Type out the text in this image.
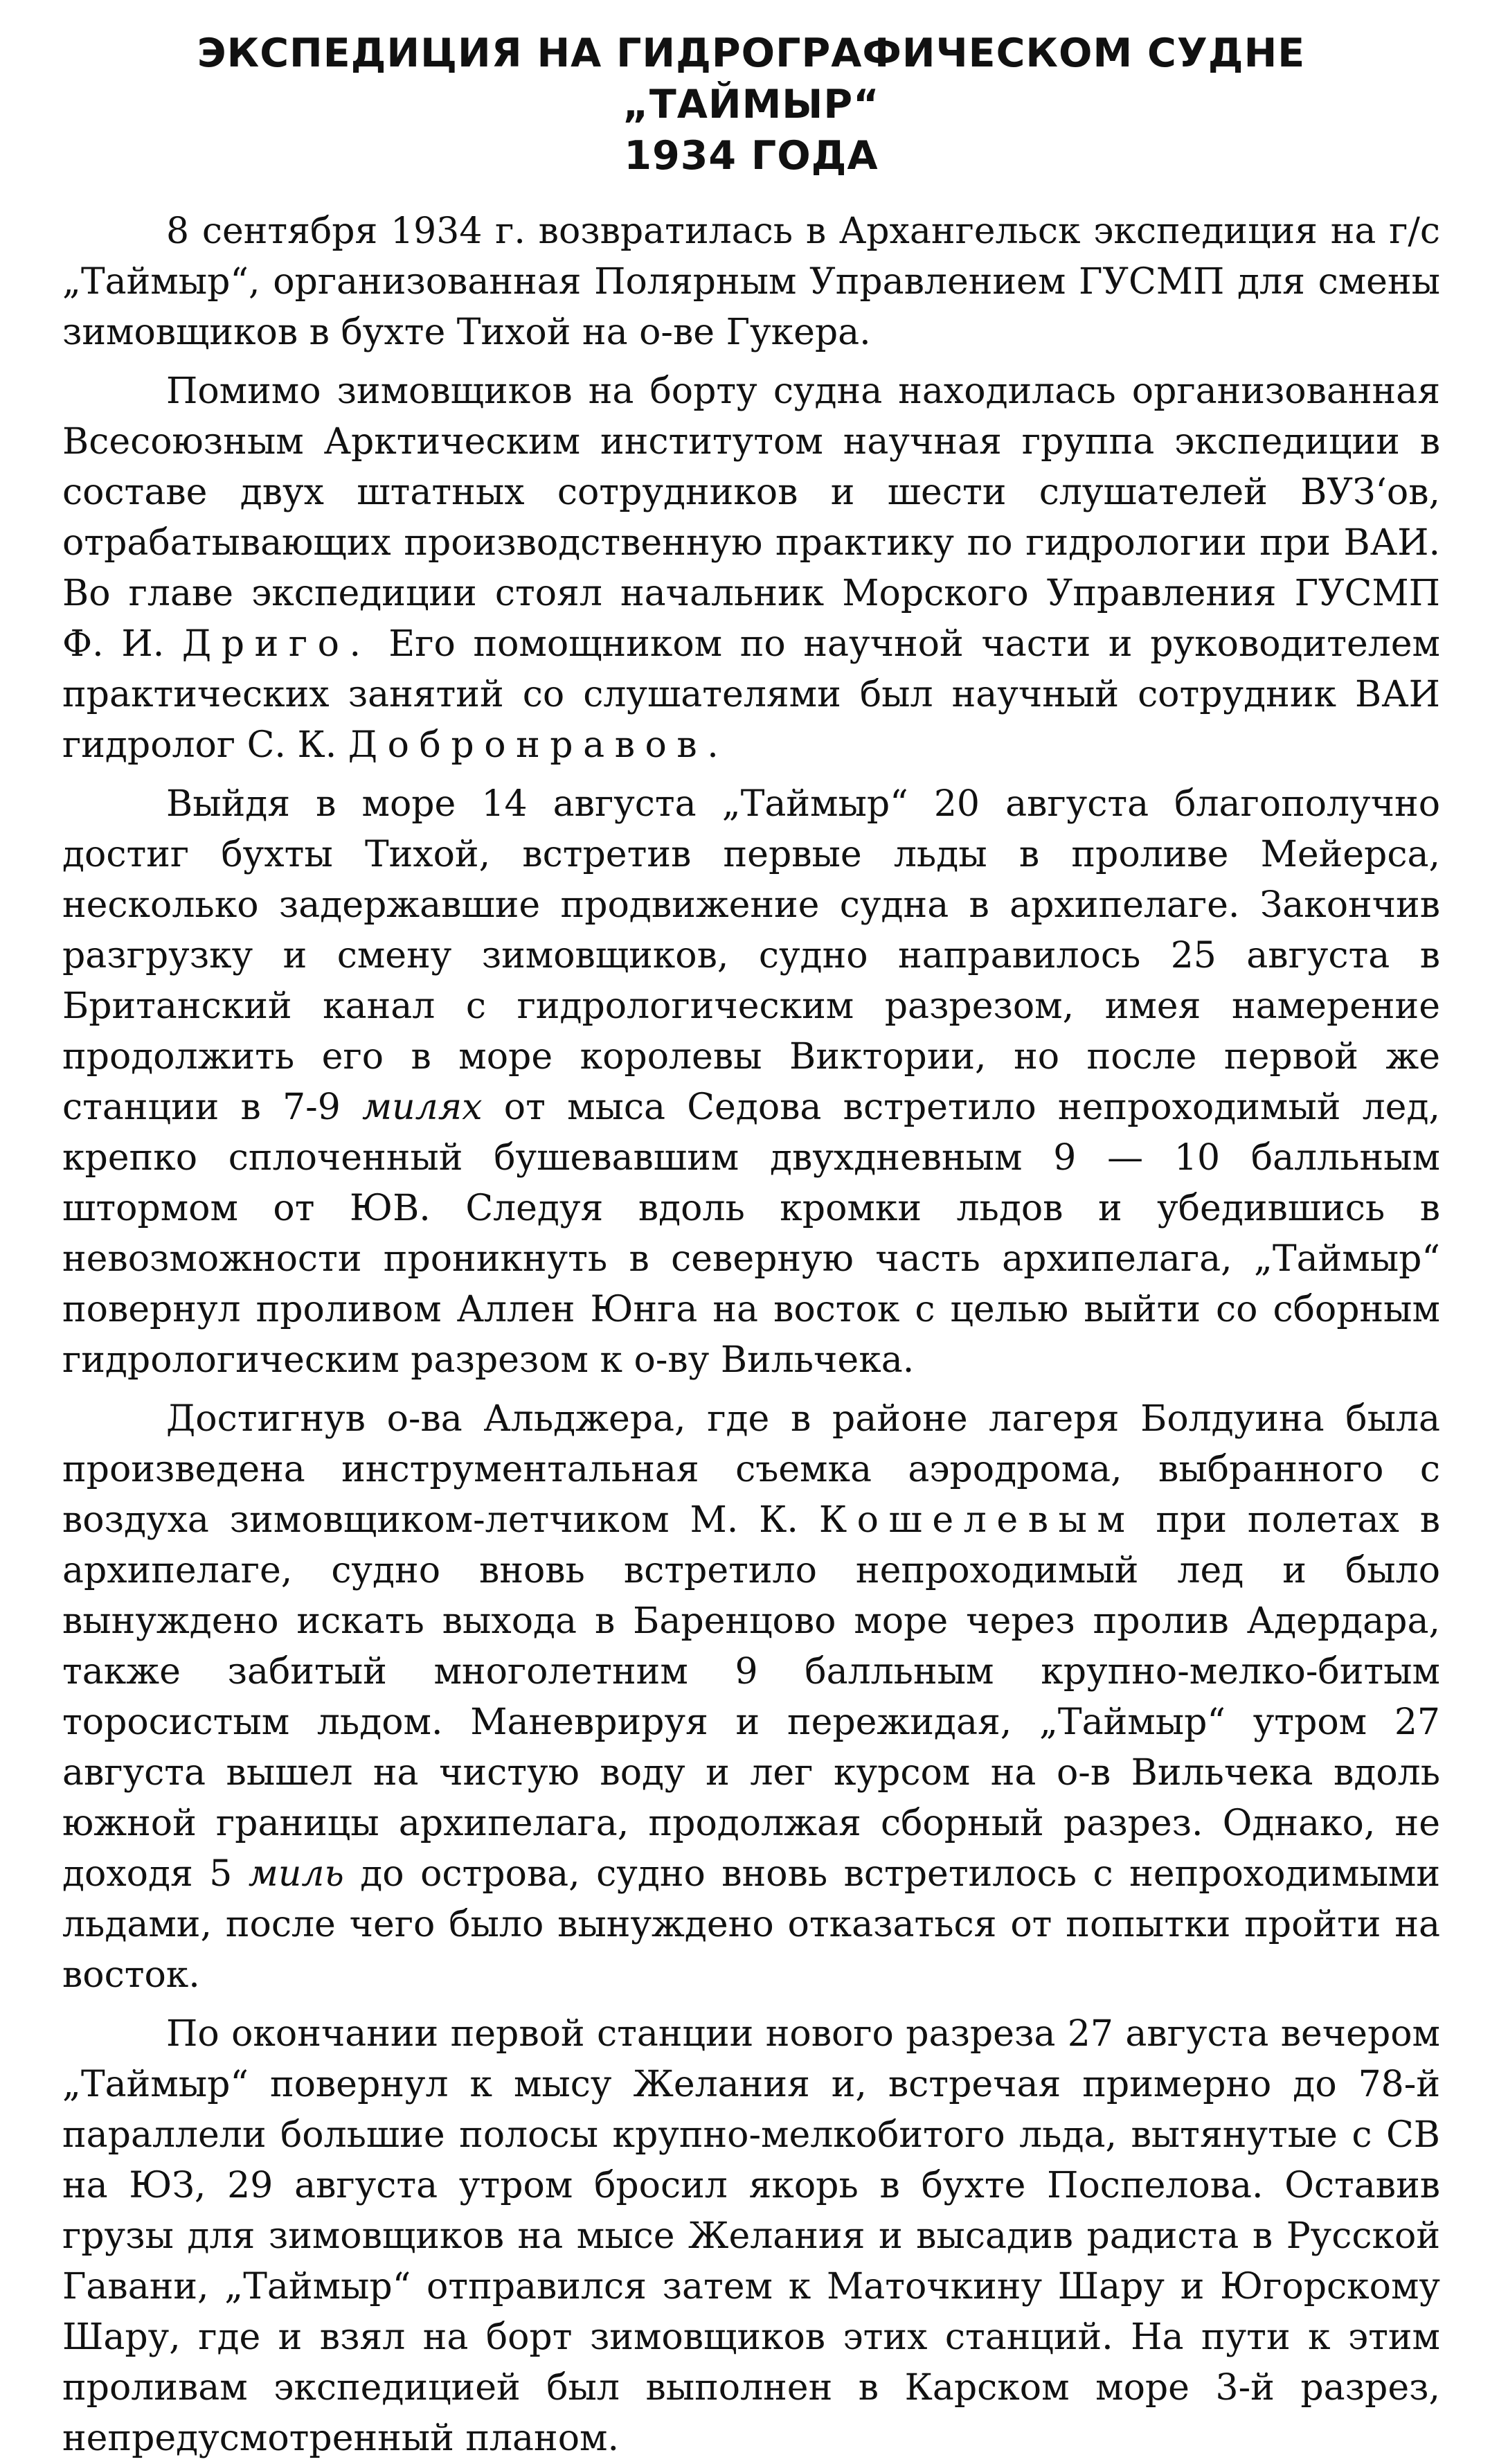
ЭКСПЕДИЦИЯ НА ГИДРОГРАФИЧЕСКОМ СУДНЕ „ТАЙМЫР“
1934 ГОДА

8 сентября 1934 г. возвратилась в Архангельск экспедиция на г/с „Таймыр“, организованная Полярным Управлением ГУСМП для смены зимовщиков в бухте Тихой на о-ве Гукера.

Помимо зимовщиков на борту судна находилась организованная Всесоюзным Арктическим институтом научная группа экспедиции в составе двух штатных сотрудников и шести слушателей ВУЗ‘ов, отрабатывающих производственную практику по гидрологии при ВАИ. Во главе экспедиции стоял начальник Морского Управления ГУСМП Ф. И. Дриго. Его помощником по научной части и руководителем практических занятий со слушателями был научный сотрудник ВАИ гидролог С. К. Добронравов.

Выйдя в море 14 августа „Таймыр“ 20 августа благополучно достиг бухты Тихой, встретив первые льды в проливе Мейерса, несколько задержавшие продвижение судна в архипелаге. Закончив разгрузку и смену зимовщиков, судно направилось 25 августа в Британский канал с гидрологическим разрезом, имея намерение продолжить его в море королевы Виктории, но после первой же станции в 7-9 милях от мыса Седова встретило непроходимый лед, крепко сплоченный бушевавшим двухдневным 9 — 10 балльным штормом от ЮВ. Следуя вдоль кромки льдов и убедившись в невозможности проникнуть в северную часть архипелага, „Таймыр“ повернул проливом Аллен Юнга на восток с целью выйти со сборным гидрологическим разрезом к о-ву Вильчека.

Достигнув о-ва Альджера, где в районе лагеря Болдуина была произведена инструментальная съемка аэродрома, выбранного с воздуха зимовщиком-летчиком М. К. Кошелевым при полетах в архипелаге, судно вновь встретило непроходимый лед и было вынуждено искать выхода в Баренцово море через пролив Адердара, также забитый многолетним 9 балльным крупно-мелко-битым торосистым льдом. Маневрируя и пережидая, „Таймыр“ утром 27 августа вышел на чистую воду и лег курсом на о-в Вильчека вдоль южной границы архипелага, продолжая сборный разрез. Однако, не доходя 5 миль до острова, судно вновь встретилось с непроходимыми льдами, после чего было вынуждено отказаться от попытки пройти на восток.

По окончании первой станции нового разреза 27 августа вечером „Таймыр“ повернул к мысу Желания и, встречая примерно до 78-й параллели большие полосы крупно-мелкобитого льда, вытянутые с СВ на ЮЗ, 29 августа утром бросил якорь в бухте Поспелова. Оставив грузы для зимовщиков на мысе Желания и высадив радиста в Русской Гавани, „Таймыр“ отправился затем к Маточкину Шару и Югорскому Шару, где и взял на борт зимовщиков этих станций. На пути к этим проливам экспедицией был выполнен в Карском море 3-й разрез, непредусмотренный планом.
